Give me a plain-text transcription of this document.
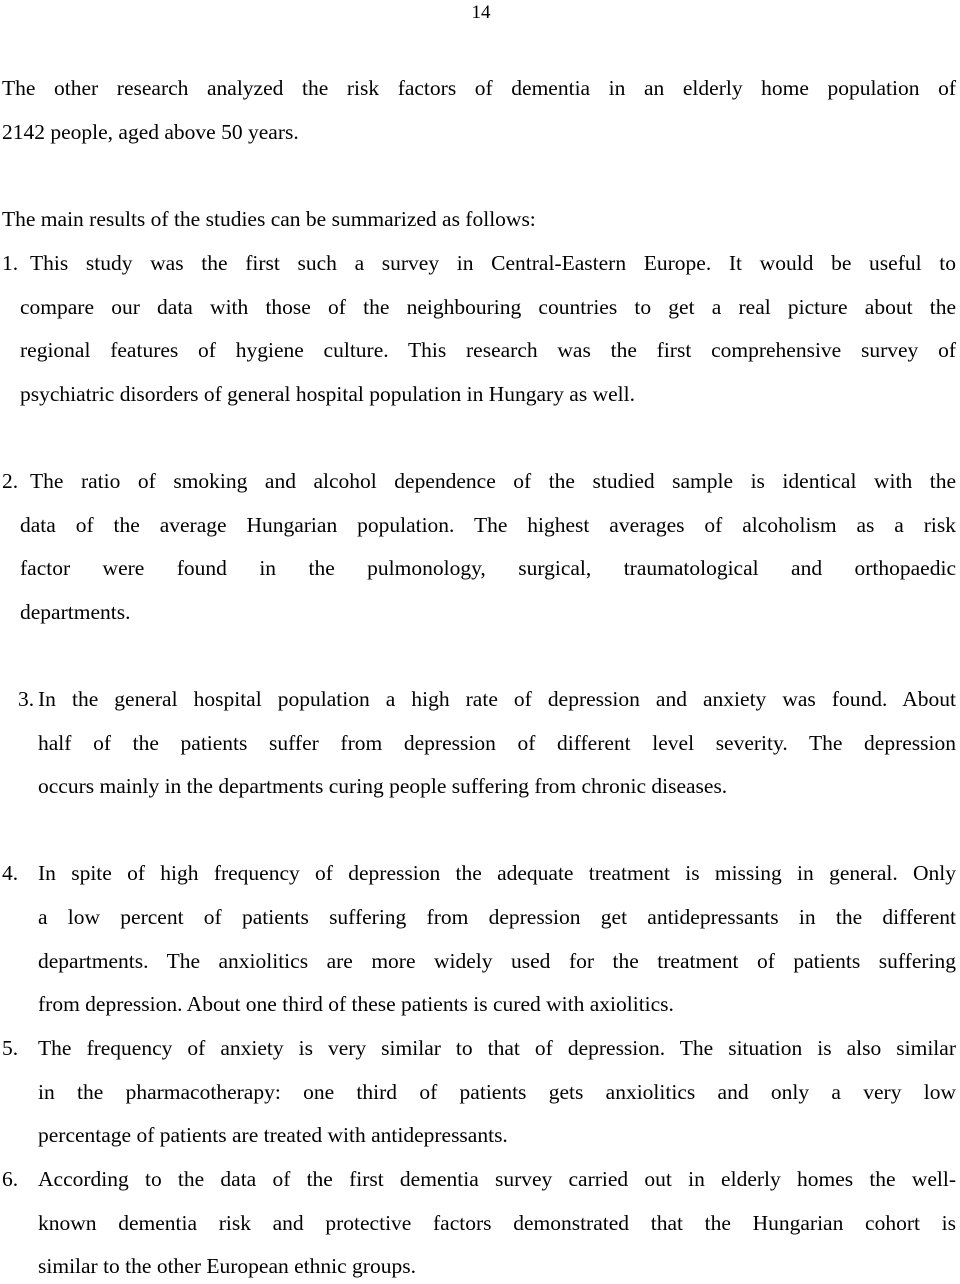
14
The other research analyzed the risk factors of dementia in an elderly home population of
2142 people, aged above 50 years.
The main results of the studies can be summarized as follows:
1. This study was the first such a survey in Central-Eastern Europe. It would be useful to
compare our data with those of the neighbouring countries to get a real picture about the
regional features of hygiene culture. This research was the first comprehensive survey of
psychiatric disorders of general hospital population in Hungary as well.
2. The ratio of smoking and alcohol dependence of the studied sample is identical with the
data of the average Hungarian population. The highest averages of alcoholism as a risk
factor were found in the pulmonology, surgical, traumatological and orthopaedic
departments.
3. In the general hospital population a high rate of depression and anxiety was found. About
half of the patients suffer from depression of different level severity. The depression
occurs mainly in the departments curing people suffering from chronic diseases.
4. In spite of high frequency of depression the adequate treatment is missing in general. Only
a low percent of patients suffering from depression get antidepressants in the different
departments. The anxiolitics are more widely used for the treatment of patients suffering
from depression. About one third of these patients is cured with axiolitics.
5. The frequency of anxiety is very similar to that of depression. The situation is also similar
in the pharmacotherapy: one third of patients gets anxiolitics and only a very low
percentage of patients are treated with antidepressants.
6. According to the data of the first dementia survey carried out in elderly homes the well-
known dementia risk and protective factors demonstrated that the Hungarian cohort is
similar to the other European ethnic groups.
